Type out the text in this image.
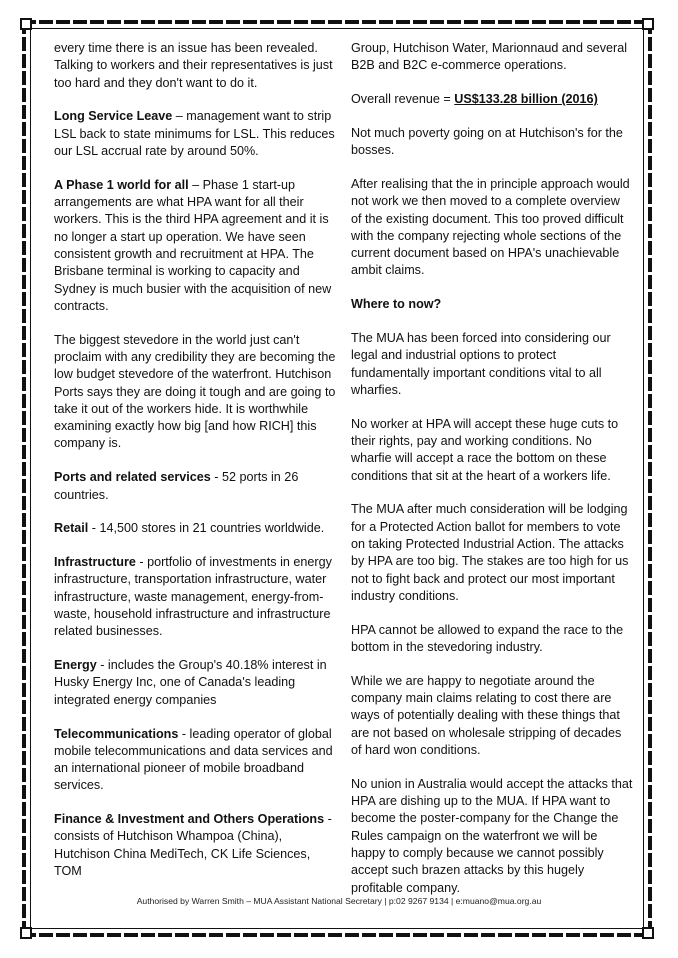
every time there is an issue has been revealed. Talking to workers and their representatives is just too hard and they don't want to do it.

Long Service Leave – management want to strip LSL back to state minimums for LSL. This reduces our LSL accrual rate by around 50%.

A Phase 1 world for all – Phase 1 start-up arrangements are what HPA want for all their workers. This is the third HPA agreement and it is no longer a start up operation. We have seen consistent growth and recruitment at HPA. The Brisbane terminal is working to capacity and Sydney is much busier with the acquisition of new contracts.

The biggest stevedore in the world just can't proclaim with any credibility they are becoming the low budget stevedore of the waterfront. Hutchison Ports says they are doing it tough and are going to take it out of the workers hide. It is worthwhile examining exactly how big [and how RICH] this company is.

Ports and related services - 52 ports in 26 countries.

Retail - 14,500 stores in 21 countries worldwide.

Infrastructure - portfolio of investments in energy infrastructure, transportation infrastructure, water infrastructure, waste management, energy-from-waste, household infrastructure and infrastructure related businesses.

Energy - includes the Group's 40.18% interest in Husky Energy Inc, one of Canada's leading integrated energy companies

Telecommunications - leading operator of global mobile telecommunications and data services and an international pioneer of mobile broadband services.

Finance & Investment and Others Operations - consists of Hutchison Whampoa (China), Hutchison China MediTech, CK Life Sciences, TOM

Group, Hutchison Water, Marionnaud and several B2B and B2C e-commerce operations.

Overall revenue = US$133.28 billion (2016)

Not much poverty going on at Hutchison's for the bosses.

After realising that the in principle approach would not work we then moved to a complete overview of the existing document. This too proved difficult with the company rejecting whole sections of the current document based on HPA's unachievable ambit claims.

Where to now?

The MUA has been forced into considering our legal and industrial options to protect fundamentally important conditions vital to all wharfies.

No worker at HPA will accept these huge cuts to their rights, pay and working conditions. No wharfie will accept a race the bottom on these conditions that sit at the heart of a workers life.

The MUA after much consideration will be lodging for a Protected Action ballot for members to vote on taking Protected Industrial Action. The attacks by HPA are too big. The stakes are too high for us not to fight back and protect our most important industry conditions.

HPA cannot be allowed to expand the race to the bottom in the stevedoring industry.

While we are happy to negotiate around the company main claims relating to cost there are ways of potentially dealing with these things that are not based on wholesale stripping of decades of hard won conditions.

No union in Australia would accept the attacks that HPA are dishing up to the MUA. If HPA want to become the poster-company for the Change the Rules campaign on the waterfront we will be happy to comply because we cannot possibly accept such brazen attacks by this hugely profitable company.

Authorised by Warren Smith – MUA Assistant National Secretary | p:02 9267 9134 | e:muano@mua.org.au
